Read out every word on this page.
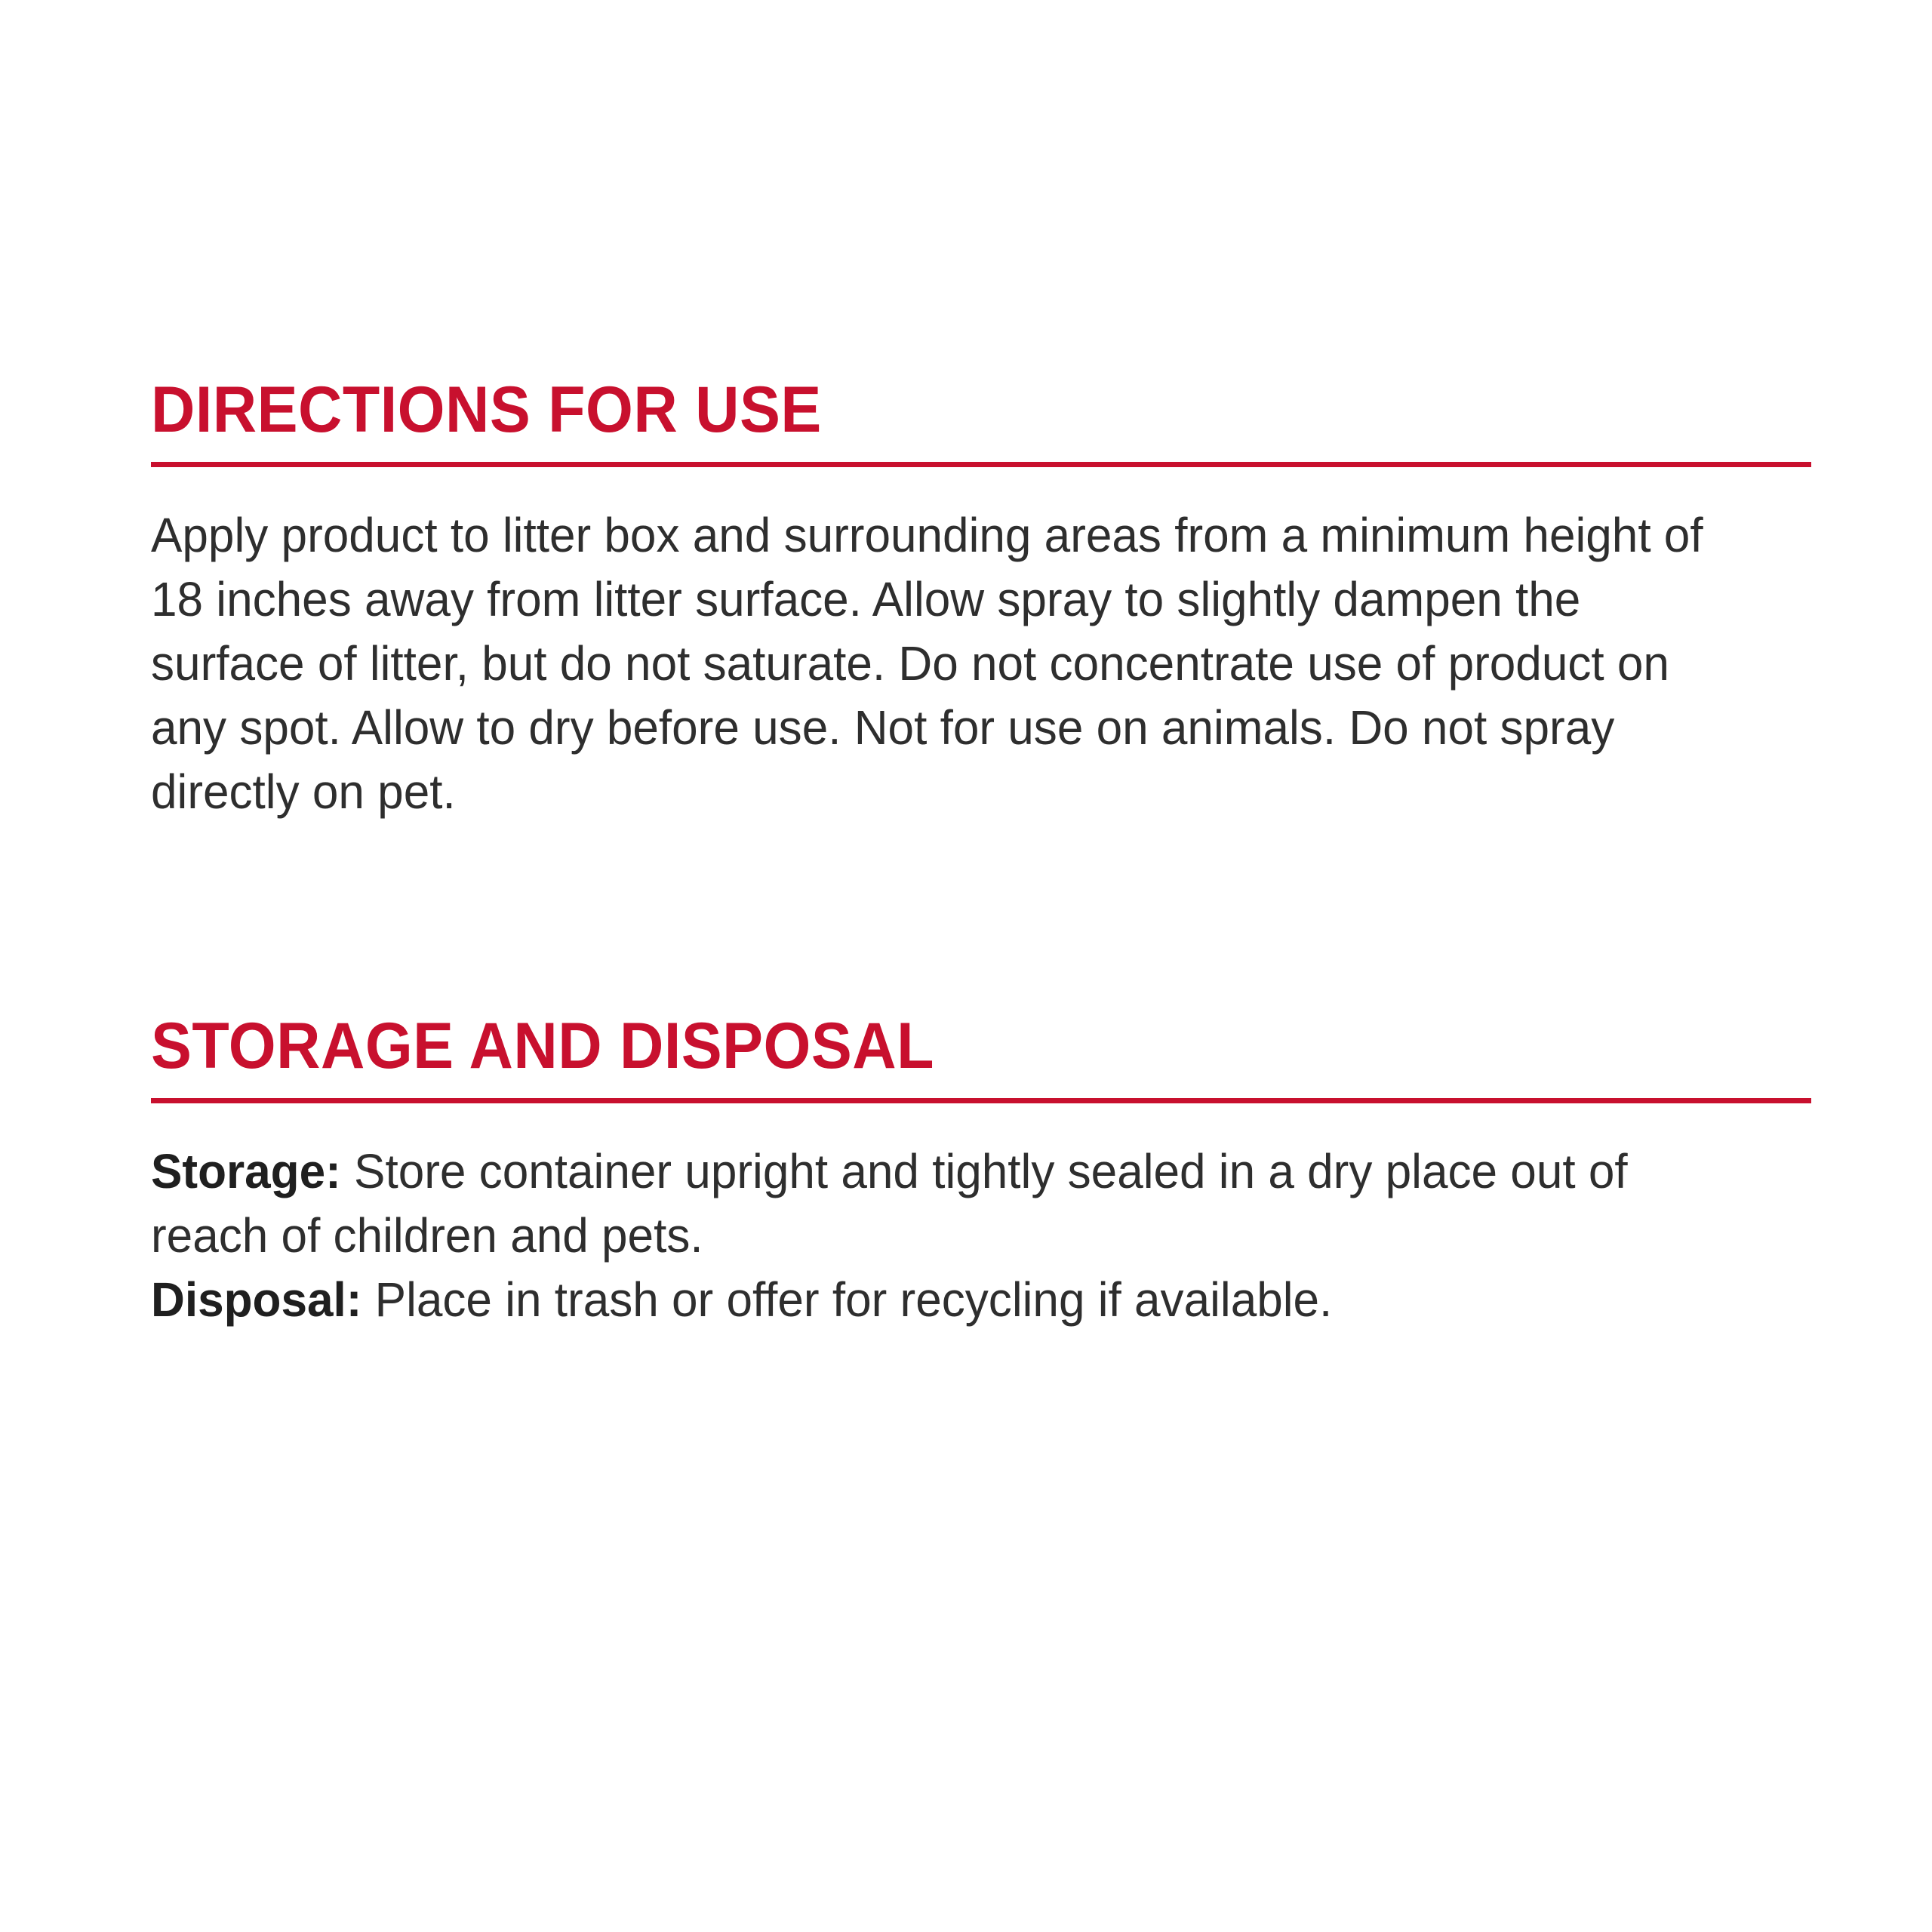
DIRECTIONS FOR USE

Apply product to litter box and surrounding areas from a minimum height of 18 inches away from litter surface. Allow spray to slightly dampen the surface of litter, but do not saturate. Do not concentrate use of product on any spot. Allow to dry before use. Not for use on animals. Do not spray directly on pet.

STORAGE AND DISPOSAL

Storage: Store container upright and tightly sealed in a dry place out of reach of children and pets.

Disposal: Place in trash or offer for recycling if available.
